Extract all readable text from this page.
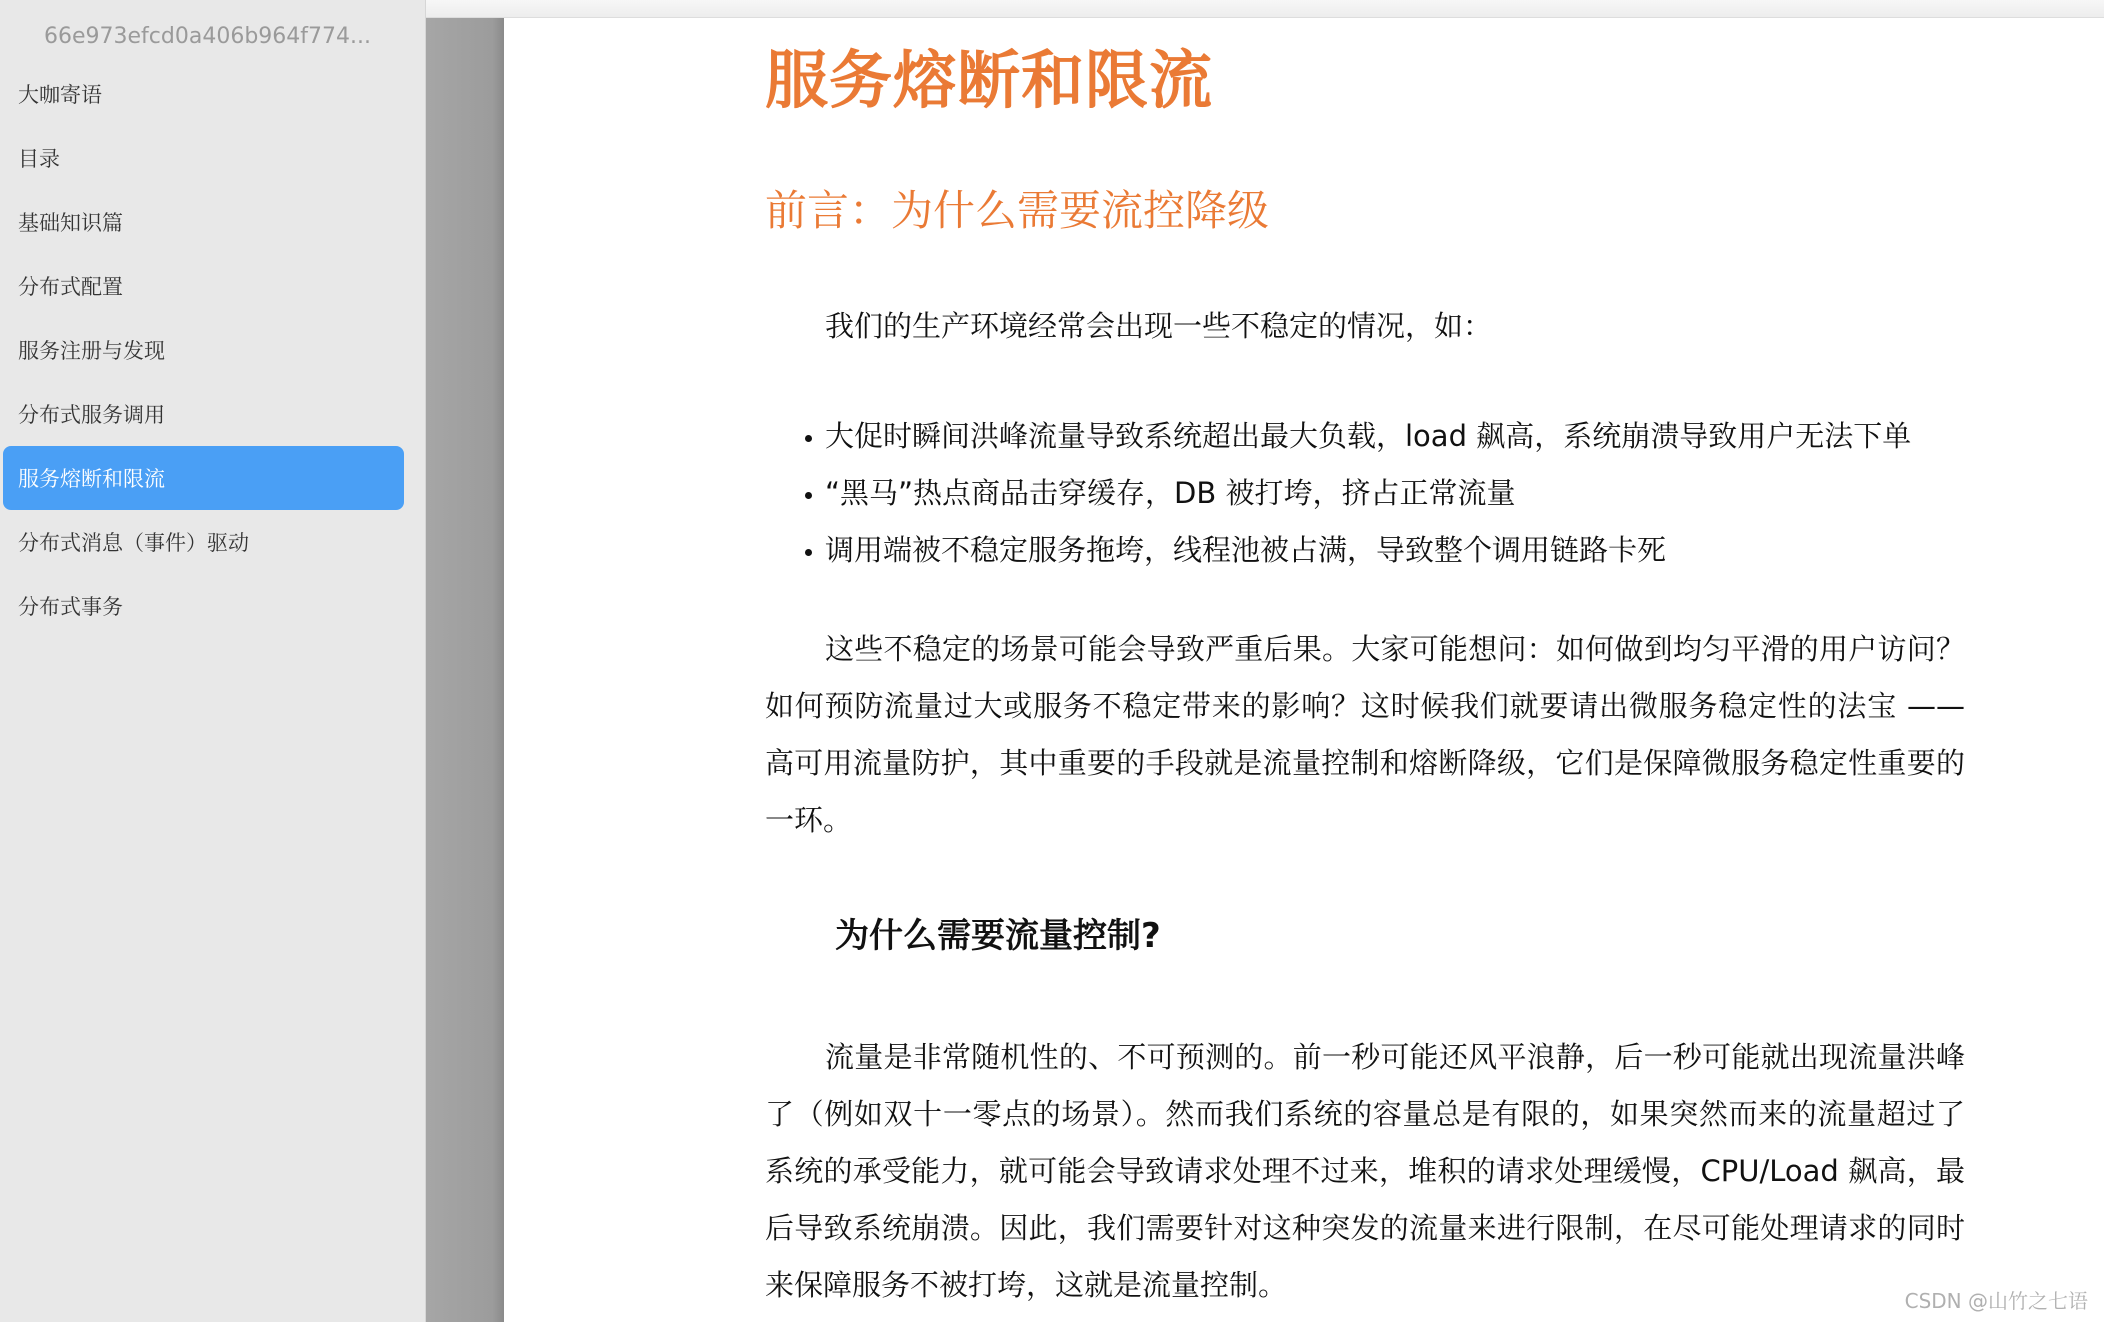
66e973efcd0a406b964f774...
大咖寄语
目录
基础知识篇
分布式配置
服务注册与发现
分布式服务调用
服务熔断和限流
分布式消息（事件）驱动
分布式事务
服务熔断和限流
前言：为什么需要流控降级

我们的生产环境经常会出现一些不稳定的情况，如：

大促时瞬间洪峰流量导致系统超出最大负载，load 飙高，系统崩溃导致用户无法下单
“黑马”热点商品击穿缓存，DB 被打垮，挤占正常流量
调用端被不稳定服务拖垮，线程池被占满，导致整个调用链路卡死

这些不稳定的场景可能会导致严重后果。大家可能想问：如何做到均匀平滑的用户访问？如何预防流量过大或服务不稳定带来的影响？这时候我们就要请出微服务稳定性的法宝 —— 高可用流量防护，其中重要的手段就是流量控制和熔断降级，它们是保障微服务稳定性重要的一环。

为什么需要流量控制?

流量是非常随机性的、不可预测的。前一秒可能还风平浪静，后一秒可能就出现流量洪峰了（例如双十一零点的场景）。然而我们系统的容量总是有限的，如果突然而来的流量超过了系统的承受能力，就可能会导致请求处理不过来，堆积的请求处理缓慢，CPU/Load 飙高，最后导致系统崩溃。因此，我们需要针对这种突发的流量来进行限制，在尽可能处理请求的同时来保障服务不被打垮，这就是流量控制。	CSDN @山竹之七语
